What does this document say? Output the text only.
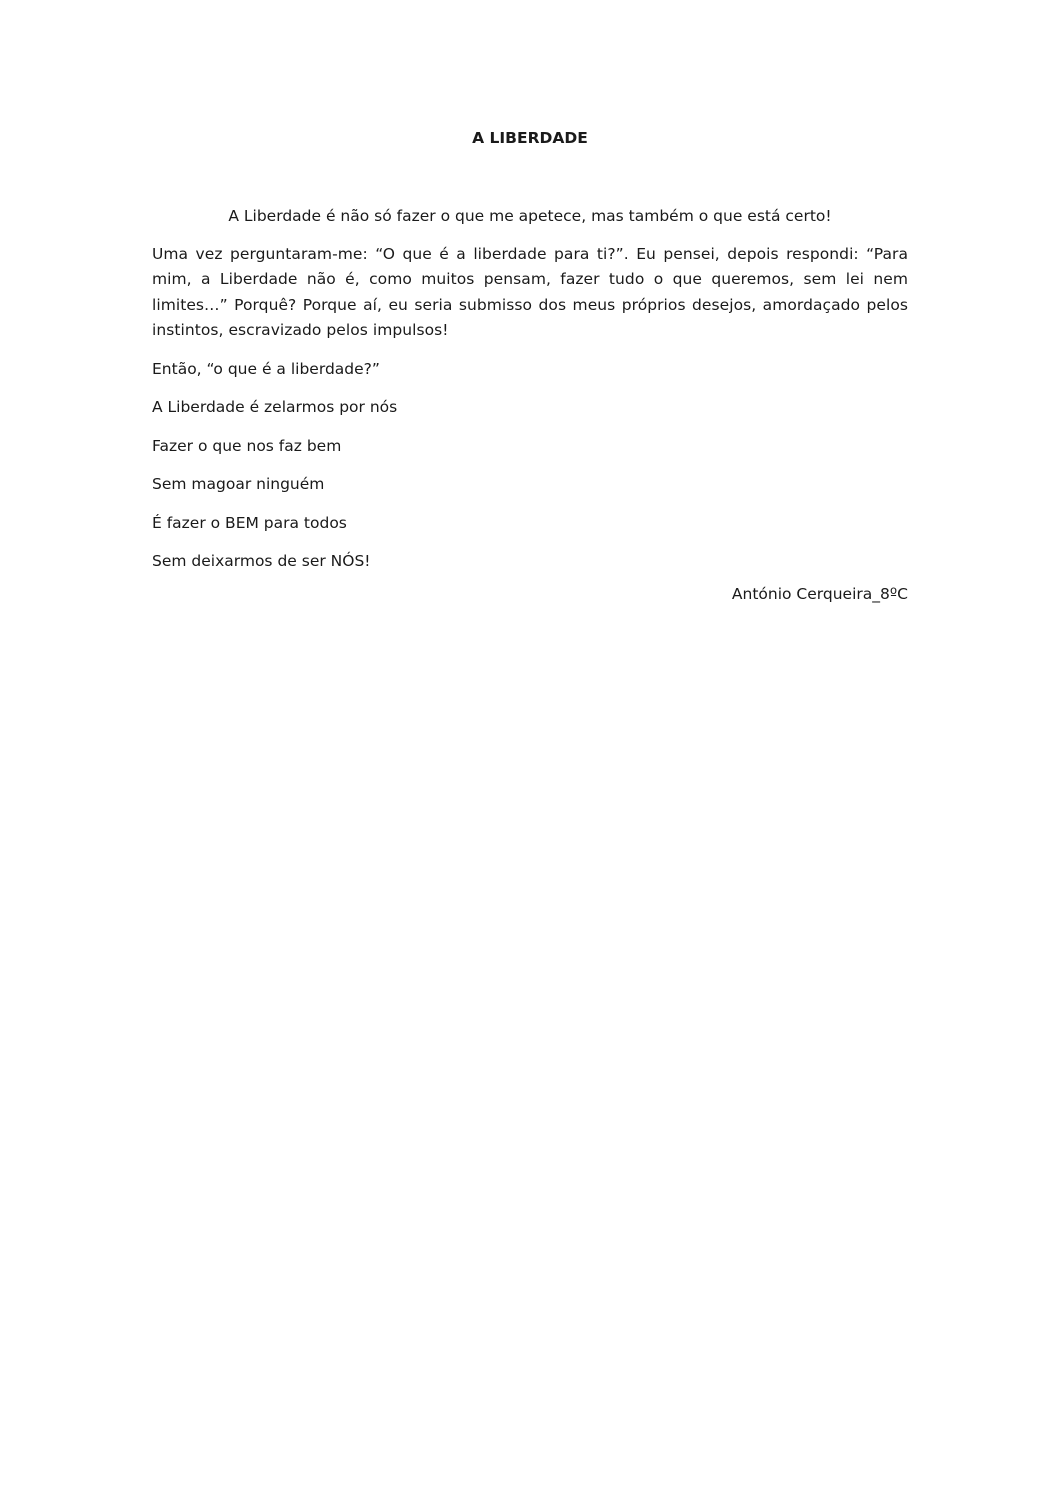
A LIBERDADE

A Liberdade é não só fazer o que me apetece, mas também o que está certo!

Uma vez perguntaram-me: “O que é a liberdade para ti?”. Eu pensei, depois respondi: “Para mim, a Liberdade não é, como muitos pensam, fazer tudo o que queremos, sem lei nem limites…” Porquê? Porque aí, eu seria submisso dos meus próprios desejos, amordaçado pelos instintos, escravizado pelos impulsos!

Então, “o que é a liberdade?”

A Liberdade é zelarmos por nós

Fazer o que nos faz bem

Sem magoar ninguém

É fazer o BEM para todos

Sem deixarmos de ser NÓS!

António Cerqueira_8ºC
